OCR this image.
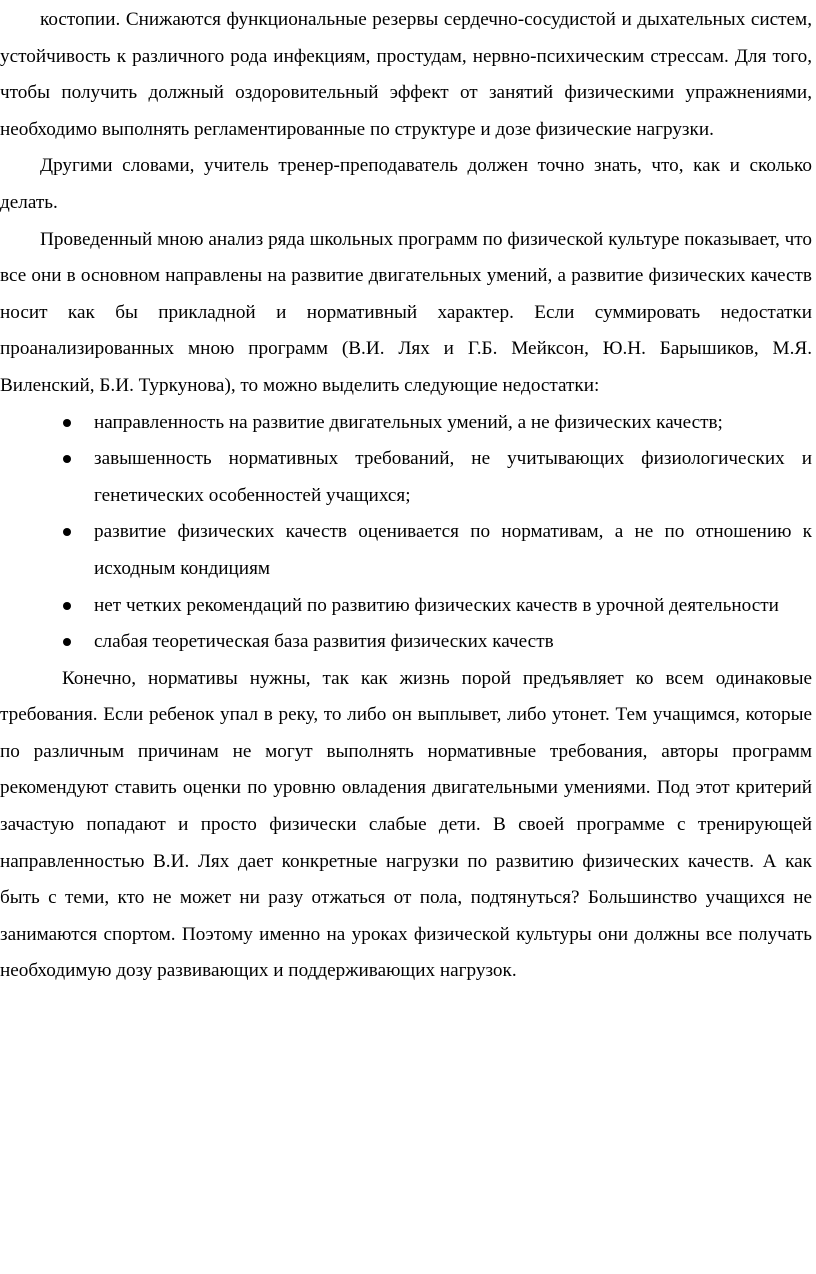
костопии. Снижаются функциональные резервы сердечно-сосудистой и дыхательных систем, устойчивость к различного рода инфекциям, простудам, нервно-психическим стрессам. Для того, чтобы получить должный оздоровительный эффект от занятий физическими упражнениями, необходимо выполнять регламентированные по структуре и дозе физические нагрузки.

Другими словами, учитель тренер-преподаватель должен точно знать, что, как и сколько делать.

Проведенный мною анализ ряда школьных программ по физической культуре показывает, что все они в основном направлены на развитие двигательных умений, а развитие физических качеств носит как бы прикладной и нормативный характер. Если суммировать недостатки проанализированных мною программ (В.И. Лях и Г.Б. Мейксон, Ю.Н. Барышиков, М.Я. Виленский, Б.И. Туркунова), то можно выделить следующие недостатки:

направленность на развитие двигательных умений, а не физических качеств;
завышенность нормативных требований, не учитывающих физиологических и генетических особенностей учащихся;
развитие физических качеств оценивается по нормативам, а не по отношению к исходным кондициям
нет четких рекомендаций по развитию физических качеств в урочной деятельности
слабая теоретическая база развития физических качеств

Конечно, нормативы нужны, так как жизнь порой предъявляет ко всем одинаковые требования. Если ребенок упал в реку, то либо он выплывет, либо утонет. Тем учащимся, которые по различным причинам не могут выполнять нормативные требования, авторы программ рекомендуют ставить оценки по уровню овладения двигательными умениями. Под этот критерий зачастую попадают и просто физически слабые дети. В своей программе с тренирующей направленностью В.И. Лях дает конкретные нагрузки по развитию физических качеств. А как быть с теми, кто не может ни разу отжаться от пола, подтянуться? Большинство учащихся не занимаются спортом. Поэтому именно на уроках физической культуры они должны все получать необходимую дозу развивающих и поддерживающих нагрузок.
